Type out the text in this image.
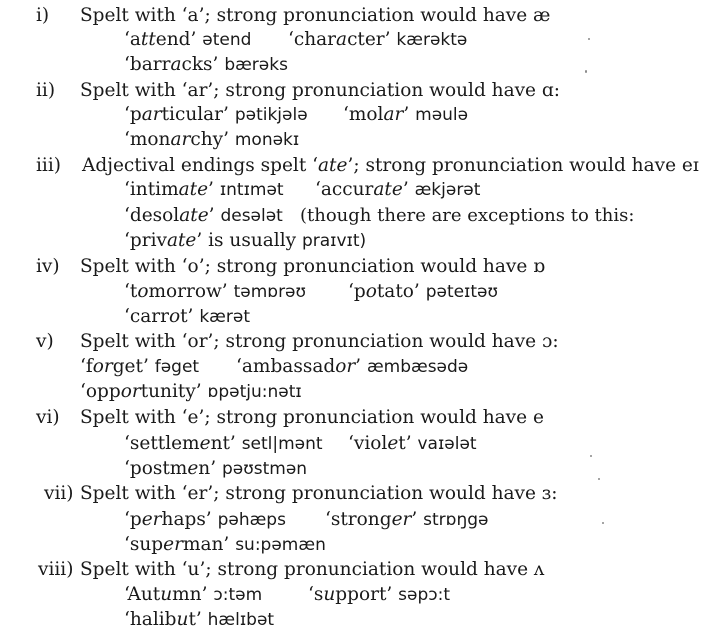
i) Spelt with ‘a’; strong pronunciation would have æ
‘attend’ ətend ‘character’ kærəktə
‘barracks’ bærəks
ii) Spelt with ‘ar’; strong pronunciation would have ɑ:
‘particular’ pətikjələ ‘molar’ məulə
‘monarchy’ monəkɪ
iii) Adjectival endings spelt ‘ate’; strong pronunciation would have eɪ
‘intimate’ ɪntɪmət ‘accurate’ ækjərət
‘desolate’ desələt (though there are exceptions to this:
‘private’ is usually praɪvɪt)
iv) Spelt with ‘o’; strong pronunciation would have ɒ
‘tomorrow’ təmɒrəʊ ‘potato’ pəteɪtəʊ
‘carrot’ kærət
v) Spelt with ‘or’; strong pronunciation would have ɔ:
‘forget’ fəget ‘ambassador’ æmbæsədə
‘opportunity’ ɒpətju:nətɪ
vi) Spelt with ‘e’; strong pronunciation would have e
‘settlement’ setl|mənt ‘violet’ vaɪələt
‘postmen’ pəʊstmən
vii) Spelt with ‘er’; strong pronunciation would have ɜ:
‘perhaps’ pəhæps ‘stronger’ strɒŋgə
‘superman’ su:pəmæn
viii) Spelt with ‘u’; strong pronunciation would have ʌ
‘Autumn’ ɔ:təm ‘support’ səpɔ:t
‘halibut’ hælɪbət
